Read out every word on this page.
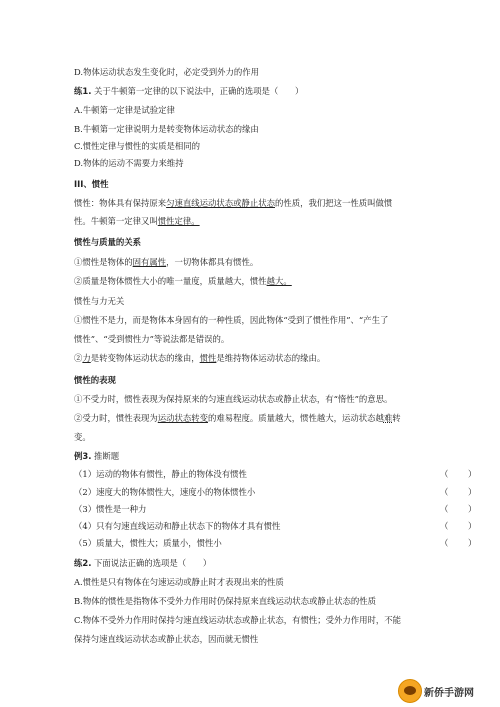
D.物体运动状态发生变化时，必定受到外力的作用
练1. 关于牛顿第一定律的以下说法中，正确的选项是（　　）
A.牛顿第一定律是试验定律
B.牛顿第一定律说明力是转变物体运动状态的缘由
C.惯性定律与惯性的实质是相同的
D.物体的运动不需要力来维持
III、惯性
惯性：物体具有保持原来匀速直线运动状态或静止状态的性质，我们把这一性质叫做惯
性。牛顿第一定律又叫惯性定律。
惯性与质量的关系
①惯性是物体的固有属性，一切物体都具有惯性。
②质量是物体惯性大小的唯一量度，质量越大，惯性越大。
惯性与力无关
①惯性不是力，而是物体本身固有的一种性质，因此物体“受到了惯性作用”、“产生了
惯性”、“受到惯性力”等说法都是错误的。
②力是转变物体运动状态的缘由，惯性是维持物体运动状态的缘由。
惯性的表现
①不受力时，惯性表现为保持原来的匀速直线运动状态或静止状态，有“惰性”的意思。
②受力时，惯性表现为运动状态转变的难易程度。质量越大，惯性越大，运动状态越难转
变。
例3. 推断题
（1）运动的物体有惯性，静止的物体没有惯性	（ ）
（2）速度大的物体惯性大，速度小的物体惯性小	（ ）
（3）惯性是一种力	（ ）
（4）只有匀速直线运动和静止状态下的物体才具有惯性	（ ）
（5）质量大，惯性大；质量小，惯性小	（ ）
练2. 下面说法正确的选项是（　　）
A.惯性是只有物体在匀速运动或静止时才表现出来的性质
B.物体的惯性是指物体不受外力作用时仍保持原来直线运动状态或静止状态的性质
C.物体不受外力作用时保持匀速直线运动状态或静止状态，有惯性；受外力作用时，不能
保持匀速直线运动状态或静止状态，因而就无惯性
新侨手游网
